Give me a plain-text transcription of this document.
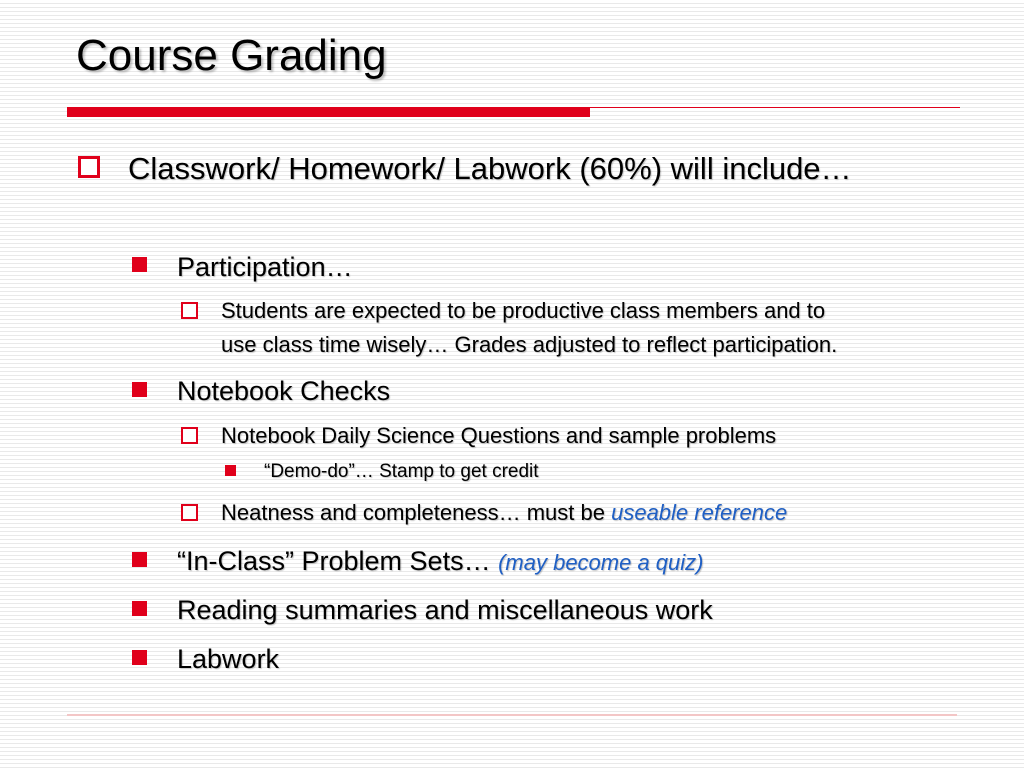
Course Grading
Classwork/ Homework/ Labwork (60%) will include…
Participation…
Students are expected to be productive class members and to
use class time wisely… Grades adjusted to reflect participation.
Notebook Checks
Notebook Daily Science Questions and sample problems
“Demo-do”… Stamp to get credit
Neatness and completeness… must be useable reference
“In-Class” Problem Sets… (may become a quiz)
Reading summaries and miscellaneous work
Labwork
